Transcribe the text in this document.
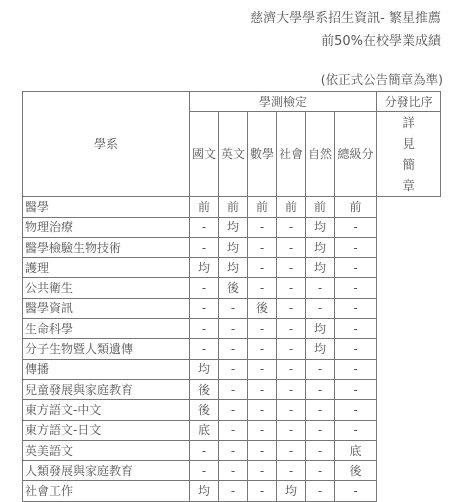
慈濟大學學系招生資訊- 繁星推薦
前50%在校學業成績
(依正式公告簡章為準)
學系	學測檢定						分發比序
	國文	英文	數學	社會	自然	總級分	詳見簡章
醫學	前	前	前	前	前	前	
物理治療	-	均	-	-	均	-	
醫學檢驗生物技術	-	均	-	-	均	-	
護理	均	均	-	-	均	-	
公共衛生	-	後	-	-	-	-	
醫學資訊	-	-	後	-	-	-	
生命科學	-	-	-	-	均	-	
分子生物暨人類遺傳	-	-	-	-	均	-	
傳播	均	-	-	-	-	-	
兒童發展與家庭教育	後	-	-	-	-	-	
東方語文-中文	後	-	-	-	-	-	
東方語文-日文	底	-	-	-	-	-	
英美語文	-	-	-	-	-	底	
人類發展與家庭教育	-	-	-	-	-	後	
社會工作	均	-	-	均	-	-	
